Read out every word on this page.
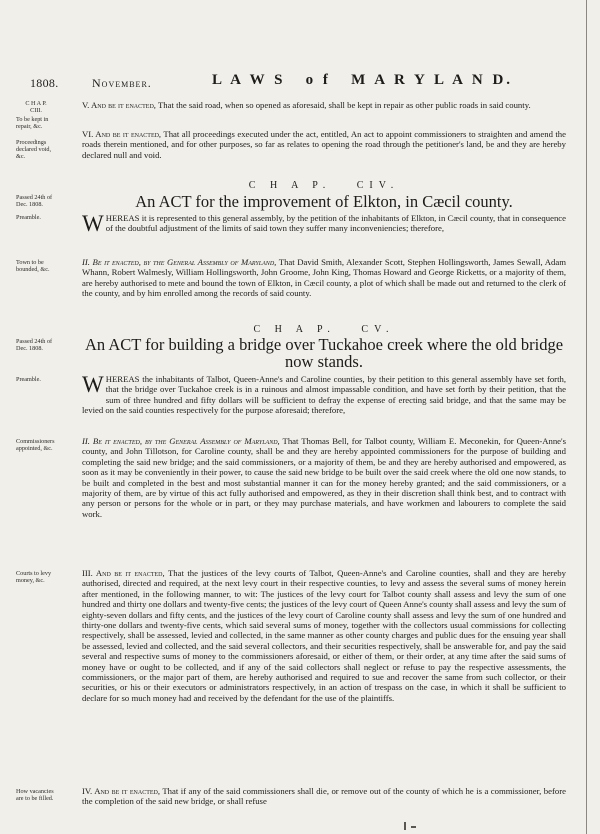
1808.	November.	L A W S   o f   M A R Y L A N D.
C H A P.
CIII.
To be kept in
repair, &c.
Proceedings
declared void,
&c.
Passed 24th of
Dec. 1808.
Preamble.
Town to be
bounded, &c.
Passed 24th of
Dec. 1808.
Preamble.
Commissioners
appointed, &c.
Courts to levy
money, &c.
How vacancies
are to be filled.
V. And be it enacted, That the said road, when so opened as aforesaid, shall be kept in repair as other public roads in said county.
VI. And be it enacted, That all proceedings executed under the act, entitled, An act to appoint commissioners to straighten and amend the roads therein mentioned, and for other purposes, so far as relates to opening the road through the petitioner's land, be and they are hereby declared null and void.
C H A P.   CIV.
An ACT for the improvement of Elkton, in Cæcil county.
WHEREAS it is represented to this general assembly, by the petition of the inhabitants of Elkton, in Cæcil county, that in consequence of the doubtful adjustment of the limits of said town they suffer many inconveniencies; therefore,
II. Be it enacted, by the General Assembly of Maryland, That David Smith, Alexander Scott, Stephen Hollingsworth, James Sewall, Adam Whann, Robert Walmesly, William Hollingsworth, John Groome, John King, Thomas Howard and George Ricketts, or a majority of them, are hereby authorised to mete and bound the town of Elkton, in Cæcil county, a plot of which shall be made out and returned to the clerk of the county, and by him enrolled among the records of said county.
C H A P.   CV.
An ACT for building a bridge over Tuckahoe creek where the old bridge now stands.
WHEREAS the inhabitants of Talbot, Queen-Anne's and Caroline counties, by their petition to this general assembly have set forth, that the bridge over Tuckahoe creek is in a ruinous and almost impassable condition, and have set forth by their petition, that the sum of three hundred and fifty dollars will be sufficient to defray the expense of erecting said bridge, and that the same may be levied on the said counties respectively for the purpose aforesaid; therefore,
II. Be it enacted, by the General Assembly of Maryland, That Thomas Bell, for Talbot county, William E. Meconekin, for Queen-Anne's county, and John Tillotson, for Caroline county, shall be and they are hereby appointed commissioners for the purpose of building and completing the said new bridge; and the said commissioners, or a majority of them, be and they are hereby authorised and empowered, as soon as it may be conveniently in their power, to cause the said new bridge to be built over the said creek where the old one now stands, to be built and completed in the best and most substantial manner it can for the money hereby granted; and the said commissioners, or a majority of them, are by virtue of this act fully authorised and empowered, as they in their discretion shall think best, and to contract with any person or persons for the whole or in part, or they may purchase materials, and have workmen and labourers to complete the said work.
III. And be it enacted, That the justices of the levy courts of Talbot, Queen-Anne's and Caroline counties, shall and they are hereby authorised, directed and required, at the next levy court in their respective counties, to levy and assess the several sums of money herein after mentioned, in the following manner, to wit: The justices of the levy court for Talbot county shall assess and levy the sum of one hundred and thirty one dollars and twenty-five cents; the justices of the levy court of Queen Anne's county shall assess and levy the sum of eighty-seven dollars and fifty cents, and the justices of the levy court of Caroline county shall assess and levy the sum of one hundred and thirty-one dollars and twenty-five cents, which said several sums of money, together with the collectors usual commissions for collecting respectively, shall be assessed, levied and collected, in the same manner as other county charges and public dues for the ensuing year shall be assessed, levied and collected, and the said several collectors, and their securities respectively, shall be answerable for, and pay the said several and respective sums of money to the commissioners aforesaid, or either of them, or their order, at any time after the said sums of money have or ought to be collected, and if any of the said collectors shall neglect or refuse to pay the respective assessments, the commissioners, or the major part of them, are hereby authorised and required to sue and recover the same from such collector, or their securities, or his or their executors or administrators respectively, in an action of trespass on the case, in which it shall be sufficient to declare for so much money had and received by the defendant for the use of the plaintiffs.
IV. And be it enacted, That if any of the said commissioners shall die, or remove out of the county of which he is a commissioner, before the completion of the said new bridge, or shall refuse
